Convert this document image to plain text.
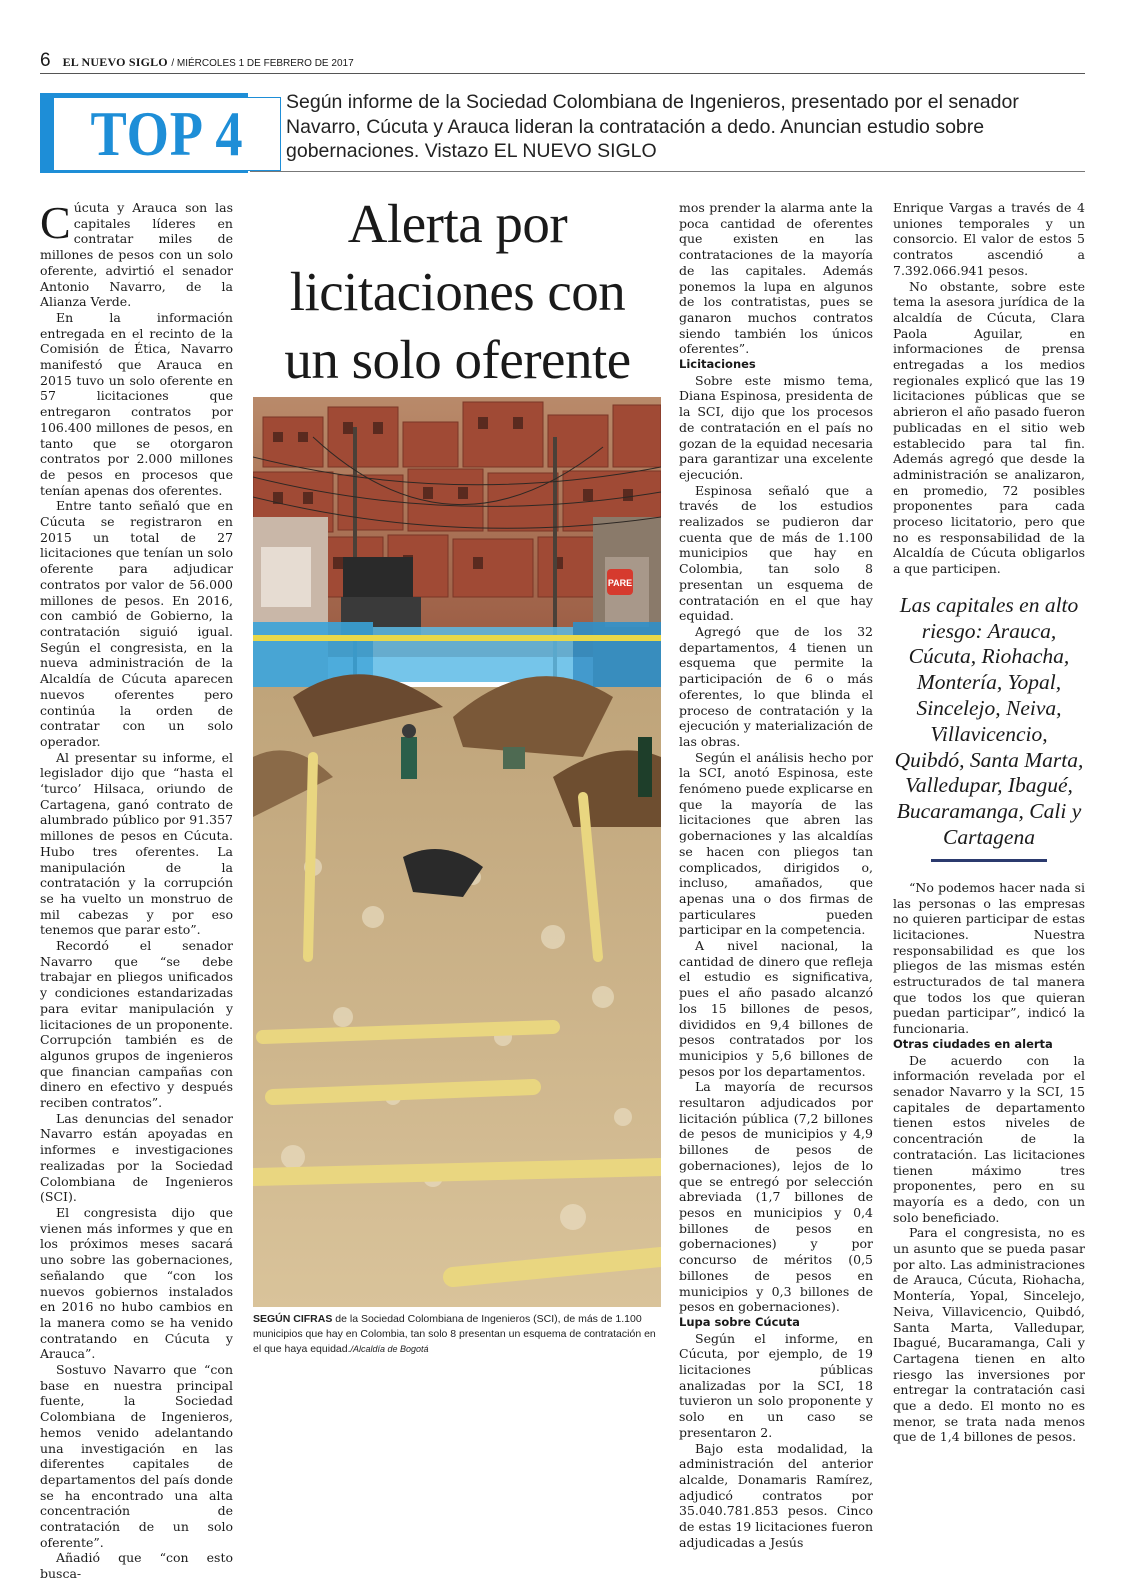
6 EL NUEVO SIGLO / MIÉRCOLES 1 DE FEBRERO DE 2017
TOP 4 Según informe de la Sociedad Colombiana de Ingenieros, presentado por el senador Navarro, Cúcuta y Arauca lideran la contratación a dedo. Anuncian estudio sobre gobernaciones. Vistazo EL NUEVO SIGLO
Alerta por
licitaciones con
un solo oferente
PARE
SEGÚN CIFRAS de la Sociedad Colombiana de Ingenieros (SCI), de más de 1.100 municipios que hay en Colombia, tan solo 8 presentan un esquema de contratación en el que haya equidad./Alcaldía de Bogotá

Cúcuta y Arauca son las capitales líderes en contratar miles de millones de pesos con un solo oferente, advirtió el senador Antonio Navarro, de la Alianza Verde.

En la información entregada en el recinto de la Comisión de Ética, Navarro manifestó que Arauca en 2015 tuvo un solo oferente en 57 licitaciones que entregaron contratos por 106.400 millones de pesos, en tanto que se otorgaron contratos por 2.000 millones de pesos en procesos que tenían apenas dos oferentes.

Entre tanto señaló que en Cúcuta se registraron en 2015 un total de 27 licitaciones que tenían un solo oferente para adjudicar contratos por valor de 56.000 millones de pesos. En 2016, con cambió de Gobierno, la contratación siguió igual. Según el congresista, en la nueva administración de la Alcaldía de Cúcuta aparecen nuevos oferentes pero continúa la orden de contratar con un solo operador.

Al presentar su informe, el legislador dijo que “hasta el ‘turco’ Hilsaca, oriundo de Cartagena, ganó contrato de alumbrado público por 91.357 millones de pesos en Cúcuta. Hubo tres oferentes. La manipulación de la contratación y la corrupción se ha vuelto un monstruo de mil cabezas y por eso tenemos que parar esto”.

Recordó el senador Navarro que “se debe trabajar en pliegos unificados y condiciones estandarizadas para evitar manipulación y licitaciones de un proponente. Corrupción también es de algunos grupos de ingenieros que financian campañas con dinero en efectivo y después reciben contratos”.

Las denuncias del senador Navarro están apoyadas en informes e investigaciones realizadas por la Sociedad Colombiana de Ingenieros (SCI).

El congresista dijo que vienen más informes y que en los próximos meses sacará uno sobre las gobernaciones, señalando que “con los nuevos gobiernos instalados en 2016 no hubo cambios en la manera como se ha venido contratando en Cúcuta y Arauca”.

Sostuvo Navarro que “con base en nuestra principal fuente, la Sociedad Colombiana de Ingenieros, hemos venido adelantando una investigación en las diferentes capitales de departamentos del país donde se ha encontrado una alta concentración de contratación de un solo oferente”.

Añadió que “con esto busca-

mos prender la alarma ante la poca cantidad de oferentes que existen en las contrataciones de la mayoría de las capitales. Además ponemos la lupa en algunos de los contratistas, pues se ganaron muchos contratos siendo también los únicos oferentes”.

Licitaciones

Sobre este mismo tema, Diana Espinosa, presidenta de la SCI, dijo que los procesos de contratación en el país no gozan de la equidad necesaria para garantizar una excelente ejecución.

Espinosa señaló que a través de los estudios realizados se pudieron dar cuenta que de más de 1.100 municipios que hay en Colombia, tan solo 8 presentan un esquema de contratación en el que hay equidad.

Agregó que de los 32 departamentos, 4 tienen un esquema que permite la participación de 6 o más oferentes, lo que blinda el proceso de contratación y la ejecución y materialización de las obras.

Según el análisis hecho por la SCI, anotó Espinosa, este fenómeno puede explicarse en que la mayoría de las licitaciones que abren las gobernaciones y las alcaldías se hacen con pliegos tan complicados, dirigidos o, incluso, amañados, que apenas una o dos firmas de particulares pueden participar en la competencia.

A nivel nacional, la cantidad de dinero que refleja el estudio es significativa, pues el año pasado alcanzó los 15 billones de pesos, divididos en 9,4 billones de pesos contratados por los municipios y 5,6 billones de pesos por los departamentos.

La mayoría de recursos resultaron adjudicados por licitación pública (7,2 billones de pesos de municipios y 4,9 billones de pesos de gobernaciones), lejos de lo que se entregó por selección abreviada (1,7 billones de pesos en municipios y 0,4 billones de pesos en gobernaciones) y por concurso de méritos (0,5 billones de pesos en municipios y 0,3 billones de pesos en gobernaciones).

Lupa sobre Cúcuta

Según el informe, en Cúcuta, por ejemplo, de 19 licitaciones públicas analizadas por la SCI, 18 tuvieron un solo proponente y solo en un caso se presentaron 2.

Bajo esta modalidad, la administración del anterior alcalde, Donamaris Ramírez, adjudicó contratos por 35.040.781.853 pesos. Cinco de estas 19 licitaciones fueron adjudicadas a Jesús

Enrique Vargas a través de 4 uniones temporales y un consorcio. El valor de estos 5 contratos ascendió a 7.392.066.941 pesos.

No obstante, sobre este tema la asesora jurídica de la alcaldía de Cúcuta, Clara Paola Aguilar, en informaciones de prensa entregadas a los medios regionales explicó que las 19 licitaciones públicas que se abrieron el año pasado fueron publicadas en el sitio web establecido para tal fin. Además agregó que desde la administración se analizaron, en promedio, 72 posibles proponentes para cada proceso licitatorio, pero que no es responsabilidad de la Alcaldía de Cúcuta obligarlos a que participen.

Las capitales en alto riesgo: Arauca, Cúcuta, Riohacha, Montería, Yopal, Sincelejo, Neiva, Villavicencio, Quibdó, Santa Marta, Valledupar, Ibagué, Bucaramanga, Cali y Cartagena

“No podemos hacer nada si las personas o las empresas no quieren participar de estas licitaciones. Nuestra responsabilidad es que los pliegos de las mismas estén estructurados de tal manera que todos los que quieran puedan participar”, indicó la funcionaria.

Otras ciudades en alerta

De acuerdo con la información revelada por el senador Navarro y la SCI, 15 capitales de departamento tienen estos niveles de concentración de la contratación. Las licitaciones tienen máximo tres proponentes, pero en su mayoría es a dedo, con un solo beneficiado.

Para el congresista, no es un asunto que se pueda pasar por alto. Las administraciones de Arauca, Cúcuta, Riohacha, Montería, Yopal, Sincelejo, Neiva, Villavicencio, Quibdó, Santa Marta, Valledupar, Ibagué, Bucaramanga, Cali y Cartagena tienen en alto riesgo las inversiones por entregar la contratación casi que a dedo. El monto no es menor, se trata nada menos que de 1,4 billones de pesos.
